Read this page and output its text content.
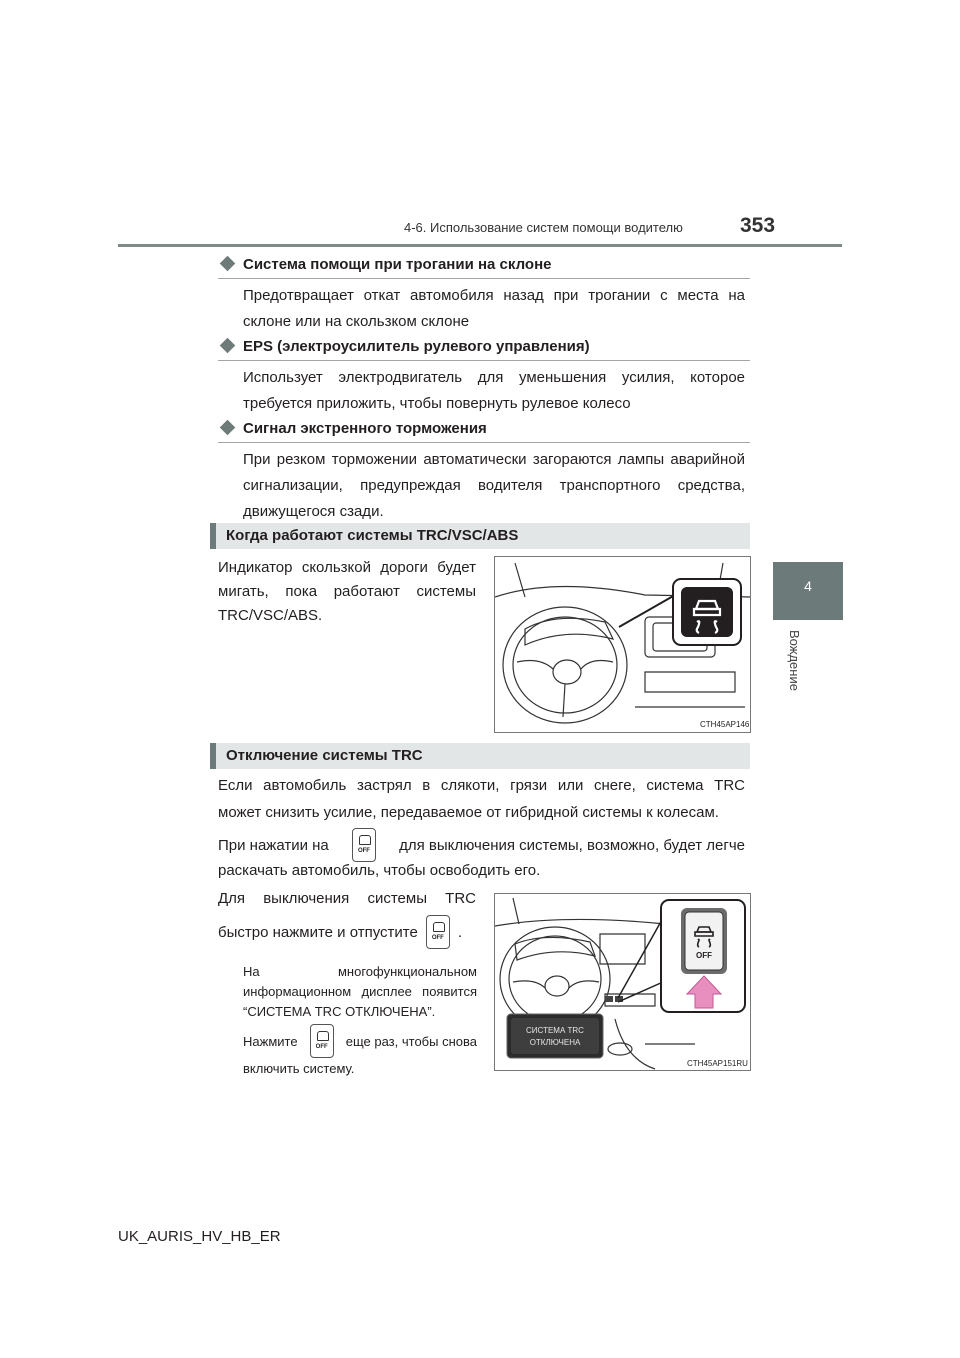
4-6. Использование систем помощи водителю	353
4
Вождение
Система помощи при трогании на склоне
Предотвращает откат автомобиля назад при трогании с места на
склоне или на скользком склоне
EPS (электроусилитель рулевого управления)
Использует электродвигатель для уменьшения усилия, которое
требуется приложить, чтобы повернуть рулевое колесо
Сигнал экстренного торможения
При резком торможении автоматически загораются лампы аварийной
сигнализации, предупреждая водителя транспортного средства,
движущегося сзади.
Когда работают системы TRC/VSC/ABS
Индикатор скользкой дороги будет
мигать, пока работают системы
TRC/VSC/ABS.
CTH45AP146
Отключение системы TRC
Если автомобиль застрял в слякоти, грязи или снеге, система TRC
может снизить усилие, передаваемое от гибридной системы к колесам.
При нажатии на	OFF	для выключения системы, возможно, будет легче
раскачать автомобиль, чтобы освободить его.
Для выключения системы TRC
быстро нажмите и отпустите	OFF .
На многофункциональном
информационном дисплее появится
“СИСТЕМА TRC ОТКЛЮЧЕНА”.
Нажмите	OFF	еще раз, чтобы снова
включить систему.
OFF
СИСТЕМА TRC
ОТКЛЮЧЕНА
CTH45AP151RU
UK_AURIS_HV_HB_ER
